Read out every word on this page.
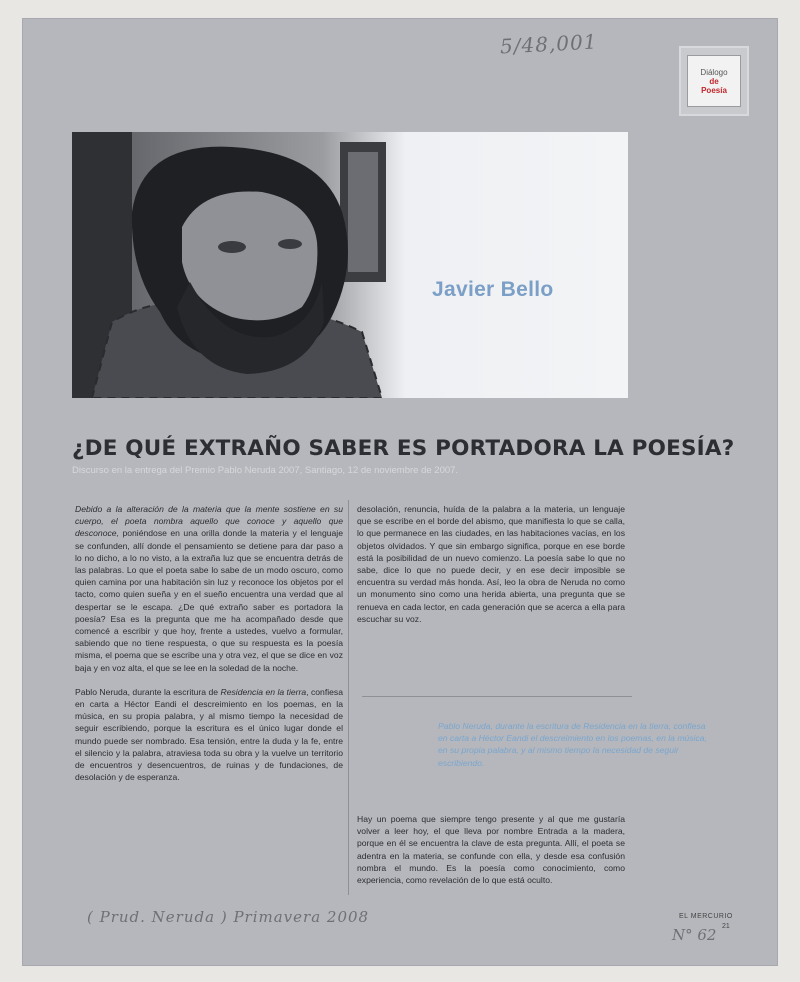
5/48,001
Diálogo
de
Poesía
Javier Bello
¿DE QUÉ EXTRAÑO SABER ES PORTADORA LA POESÍA?
Discurso en la entrega del Premio Pablo Neruda 2007, Santiago, 12 de noviembre de 2007.

Debido a la alteración de la materia que la mente sostiene en su cuerpo, el poeta nombra aquello que conoce y aquello que desconoce, poniéndose en una orilla donde la materia y el lenguaje se confunden, allí donde el pensamiento se detiene para dar paso a lo no dicho, a lo no visto, a la extraña luz que se encuentra detrás de las palabras. Lo que el poeta sabe lo sabe de un modo oscuro, como quien camina por una habitación sin luz y reconoce los objetos por el tacto, como quien sueña y en el sueño encuentra una verdad que al despertar se le escapa. ¿De qué extraño saber es portadora la poesía? Esa es la pregunta que me ha acompañado desde que comencé a escribir y que hoy, frente a ustedes, vuelvo a formular, sabiendo que no tiene respuesta, o que su respuesta es la poesía misma, el poema que se escribe una y otra vez, el que se dice en voz baja y en voz alta, el que se lee en la soledad de la noche.

Pablo Neruda, durante la escritura de Residencia en la tierra, confiesa en carta a Héctor Eandi el descreimiento en los poemas, en la música, en su propia palabra, y al mismo tiempo la necesidad de seguir escribiendo, porque la escritura es el único lugar donde el mundo puede ser nombrado. Esa tensión, entre la duda y la fe, entre el silencio y la palabra, atraviesa toda su obra y la vuelve un territorio de encuentros y desencuentros, de ruinas y de fundaciones, de desolación y de esperanza.

desolación, renuncia, huída de la palabra a la materia, un lenguaje que se escribe en el borde del abismo, que manifiesta lo que se calla, lo que permanece en las ciudades, en las habitaciones vacías, en los objetos olvidados. Y que sin embargo significa, porque en ese borde está la posibilidad de un nuevo comienzo. La poesía sabe lo que no sabe, dice lo que no puede decir, y en ese decir imposible se encuentra su verdad más honda. Así, leo la obra de Neruda no como un monumento sino como una herida abierta, una pregunta que se renueva en cada lector, en cada generación que se acerca a ella para escuchar su voz.

Pablo Neruda, durante la escritura de Residencia en la tierra, confiesa en carta a Héctor Eandi el descreimiento en los poemas, en la música, en su propia palabra, y al mismo tiempo la necesidad de seguir escribiendo.

Hay un poema que siempre tengo presente y al que me gustaría volver a leer hoy, el que lleva por nombre Entrada a la madera, porque en él se encuentra la clave de esta pregunta. Allí, el poeta se adentra en la materia, se confunde con ella, y desde esa confusión nombra el mundo. Es la poesía como conocimiento, como experiencia, como revelación de lo que está oculto.

( Prud. Neruda ) Primavera 2008	EL MERCURIO
21
N° 62
